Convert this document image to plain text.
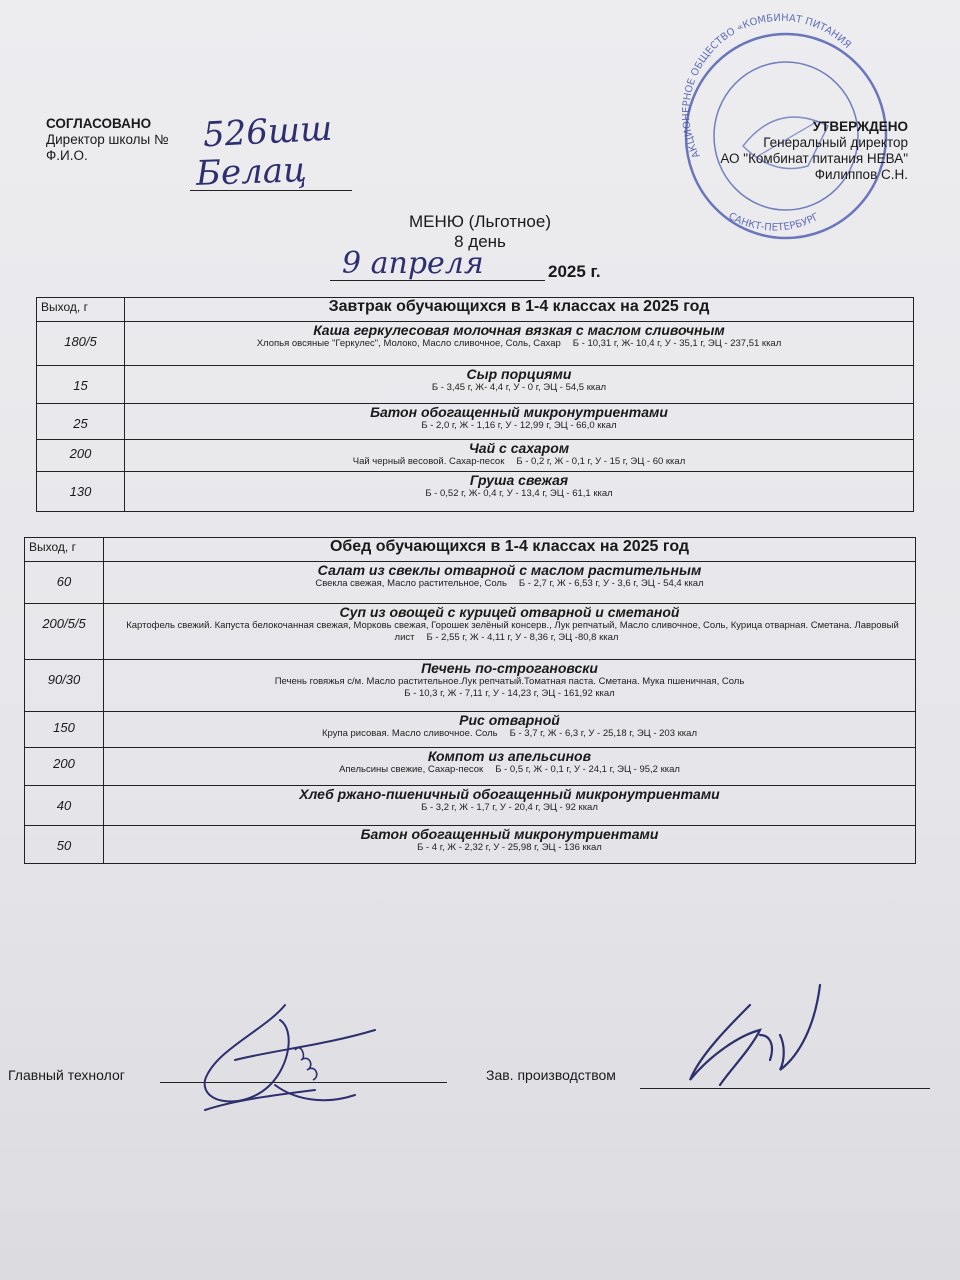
СОГЛАСОВАНО
Директор школы №
Ф.И.О.
526шш
Белац	АКЦИОНЕРНОЕ ОБЩЕСТВО «КОМБИНАТ ПИТАНИЯ
САНКТ-ПЕТЕРБУРГ
УТВЕРЖДЕНО
Генеральный директор
АО "Комбинат питания НЕВА"
Филиппов С.Н.
МЕНЮ (Льготное)
8 день
9 апреля	2025 г.
Выход, г	Завтрак обучающихся в 1-4 классах на 2025 год

180/5	Каша геркулесовая молочная вязкая с маслом сливочным
Хлопья овсяные "Геркулес", Молоко, Масло сливочное, Соль, Сахар Б - 10,31 г, Ж- 10,4 г, У - 35,1 г, ЭЦ - 237,51 ккал

15	Сыр порциями
Б - 3,45 г, Ж- 4,4 г, У - 0 г, ЭЦ - 54,5 ккал

25	Батон обогащенный микронутриентами
Б - 2,0 г, Ж - 1,16 г, У - 12,99 г, ЭЦ - 66,0 ккал

200	Чай с сахаром
Чай черный весовой. Сахар-песок Б - 0,2 г, Ж - 0,1 г, У - 15 г, ЭЦ - 60 ккал

130	Груша свежая
Б - 0,52 г, Ж- 0,4 г, У - 13,4 г, ЭЦ - 61,1 ккал
Выход, г	Обед обучающихся в 1-4 классах на 2025 год

60	Салат из свеклы отварной с маслом растительным
Свекла свежая, Масло растительное, Соль Б - 2,7 г, Ж - 6,53 г, У - 3,6 г, ЭЦ - 54,4 ккал

200/5/5	Суп из овощей с курицей отварной и сметаной
Картофель свежий. Капуста белокочанная свежая, Морковь свежая, Горошек зелёный консерв., Лук репчатый, Масло сливочное, Соль, Курица отварная. Сметана. Лавровый лист Б - 2,55 г, Ж - 4,11 г, У - 8,36 г, ЭЦ -80,8 ккал

90/30	Печень по-строгановски
Печень говяжья с/м. Масло растительное.Лук репчатый.Томатная паста. Сметана. Мука пшеничная, Соль
Б - 10,3 г, Ж - 7,11 г, У - 14,23 г, ЭЦ - 161,92 ккал

150	Рис отварной
Крупа рисовая. Масло сливочное. Соль Б - 3,7 г, Ж - 6,3 г, У - 25,18 г, ЭЦ - 203 ккал

200	Компот из апельсинов
Апельсины свежие, Сахар-песок Б - 0,5 г, Ж - 0,1 г, У - 24,1 г, ЭЦ - 95,2 ккал

40	Хлеб ржано-пшеничный обогащенный микронутриентами
Б - 3,2 г, Ж - 1,7 г, У - 20,4 г, ЭЦ - 92 ккал

50	Батон обогащенный микронутриентами
Б - 4 г, Ж - 2,32 г, У - 25,98 г, ЭЦ - 136 ккал
Главный технолог	Зав. производством
